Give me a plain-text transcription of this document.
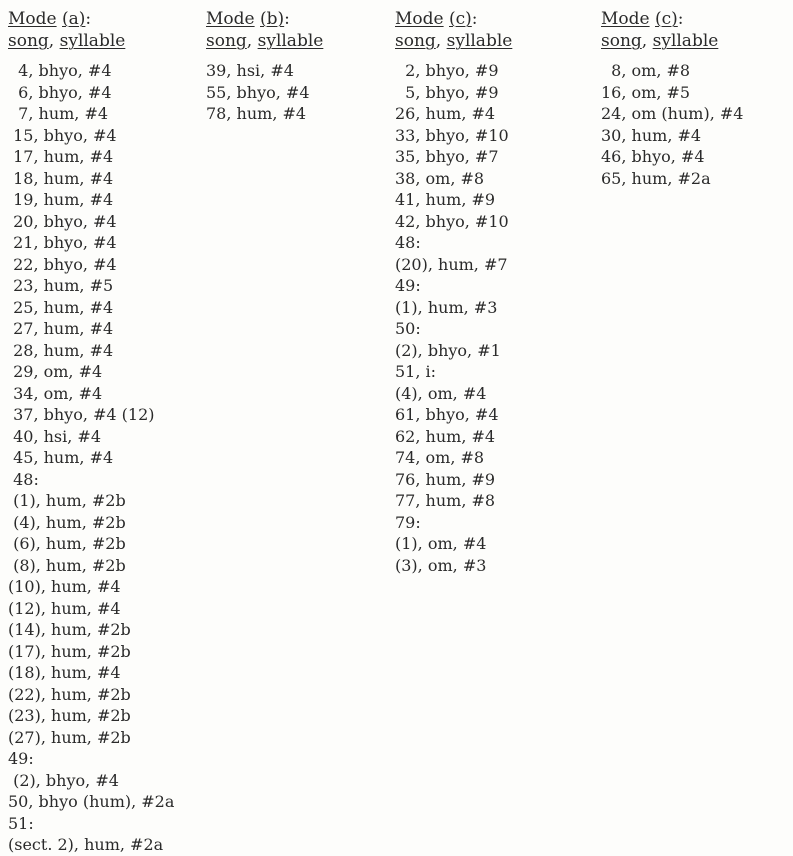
Mode (a):
song, syllable
4, bhyo, #4
6, bhyo, #4
7, hum, #4
15, bhyo, #4
17, hum, #4
18, hum, #4
19, hum, #4
20, bhyo, #4
21, bhyo, #4
22, bhyo, #4
23, hum, #5
25, hum, #4
27, hum, #4
28, hum, #4
29, om, #4
34, om, #4
37, bhyo, #4 (12)
40, hsi, #4
45, hum, #4
48:
(1), hum, #2b
(4), hum, #2b
(6), hum, #2b
(8), hum, #2b
(10), hum, #4
(12), hum, #4
(14), hum, #2b
(17), hum, #2b
(18), hum, #4
(22), hum, #2b
(23), hum, #2b
(27), hum, #2b
49:
(2), bhyo, #4
50, bhyo (hum), #2a
51:
(sect. 2), hum, #2a
Mode (b):
song, syllable
39, hsi, #4
55, bhyo, #4
78, hum, #4
Mode (c):
song, syllable
2, bhyo, #9
5, bhyo, #9
26, hum, #4
33, bhyo, #10
35, bhyo, #7
38, om, #8
41, hum, #9
42, bhyo, #10
48:
(20), hum, #7
49:
(1), hum, #3
50:
(2), bhyo, #1
51, i:
(4), om, #4
61, bhyo, #4
62, hum, #4
74, om, #8
76, hum, #9
77, hum, #8
79:
(1), om, #4
(3), om, #3
Mode (c):
song, syllable
8, om, #8
16, om, #5
24, om (hum), #4
30, hum, #4
46, bhyo, #4
65, hum, #2a
